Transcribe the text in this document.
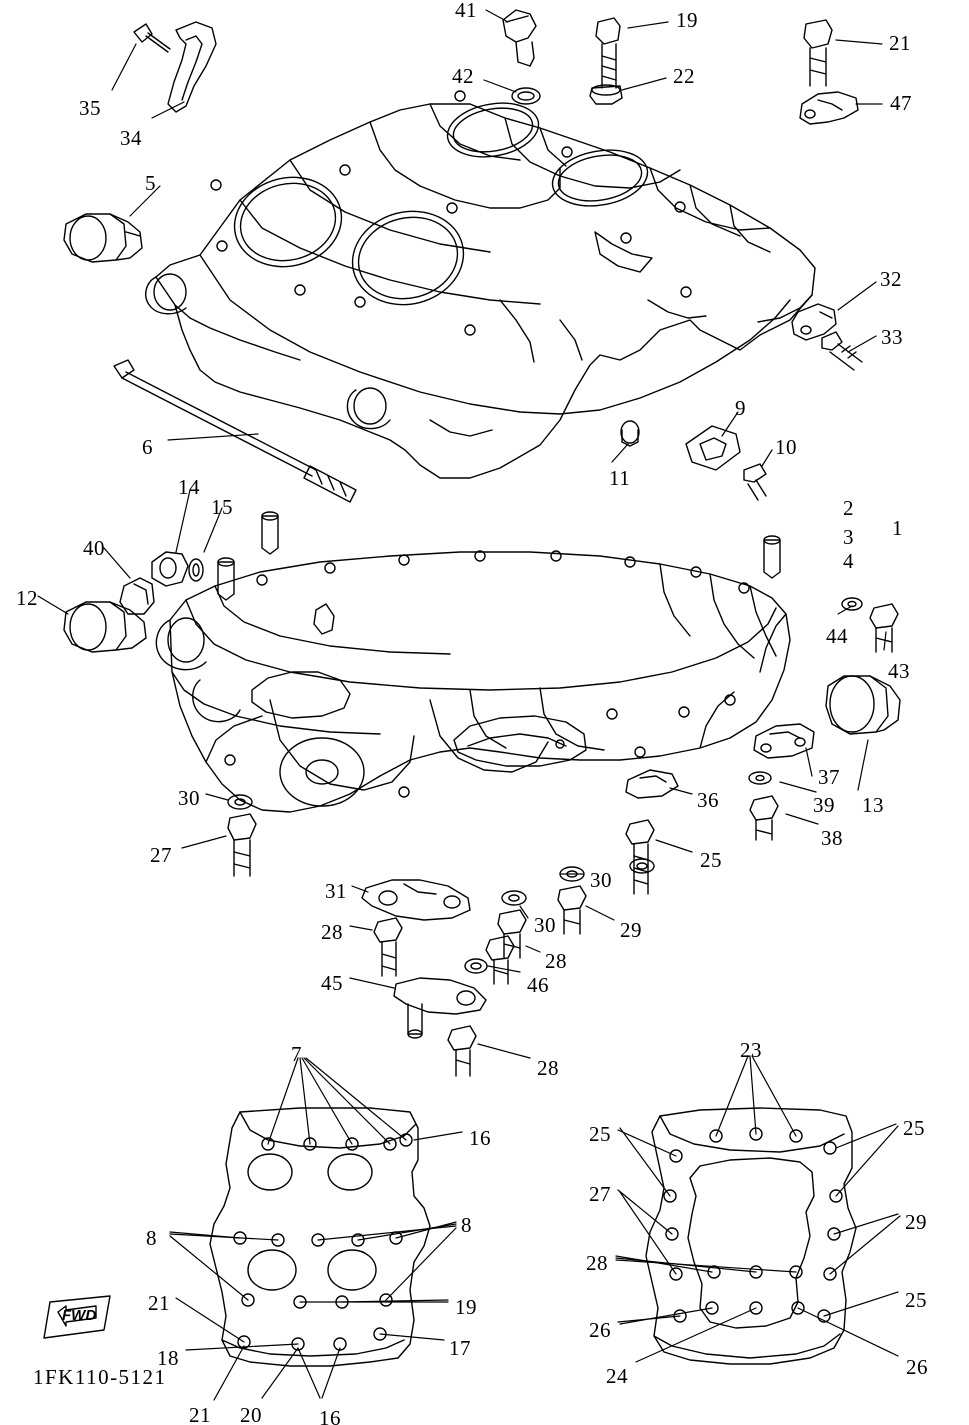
41	19
21
42	22
35	47
34
5
32
33
6
9
10
11
2
1
3
14
15
4
40
12
44
43
37
39 13
36
38
30
27	25
30
31
30	29
28
28
46
45
28
7	23
16	25	25
27
8
8	29
28
21	19	25
26
18	17
24	26
21 20	16
1FK110-5121
FWD
